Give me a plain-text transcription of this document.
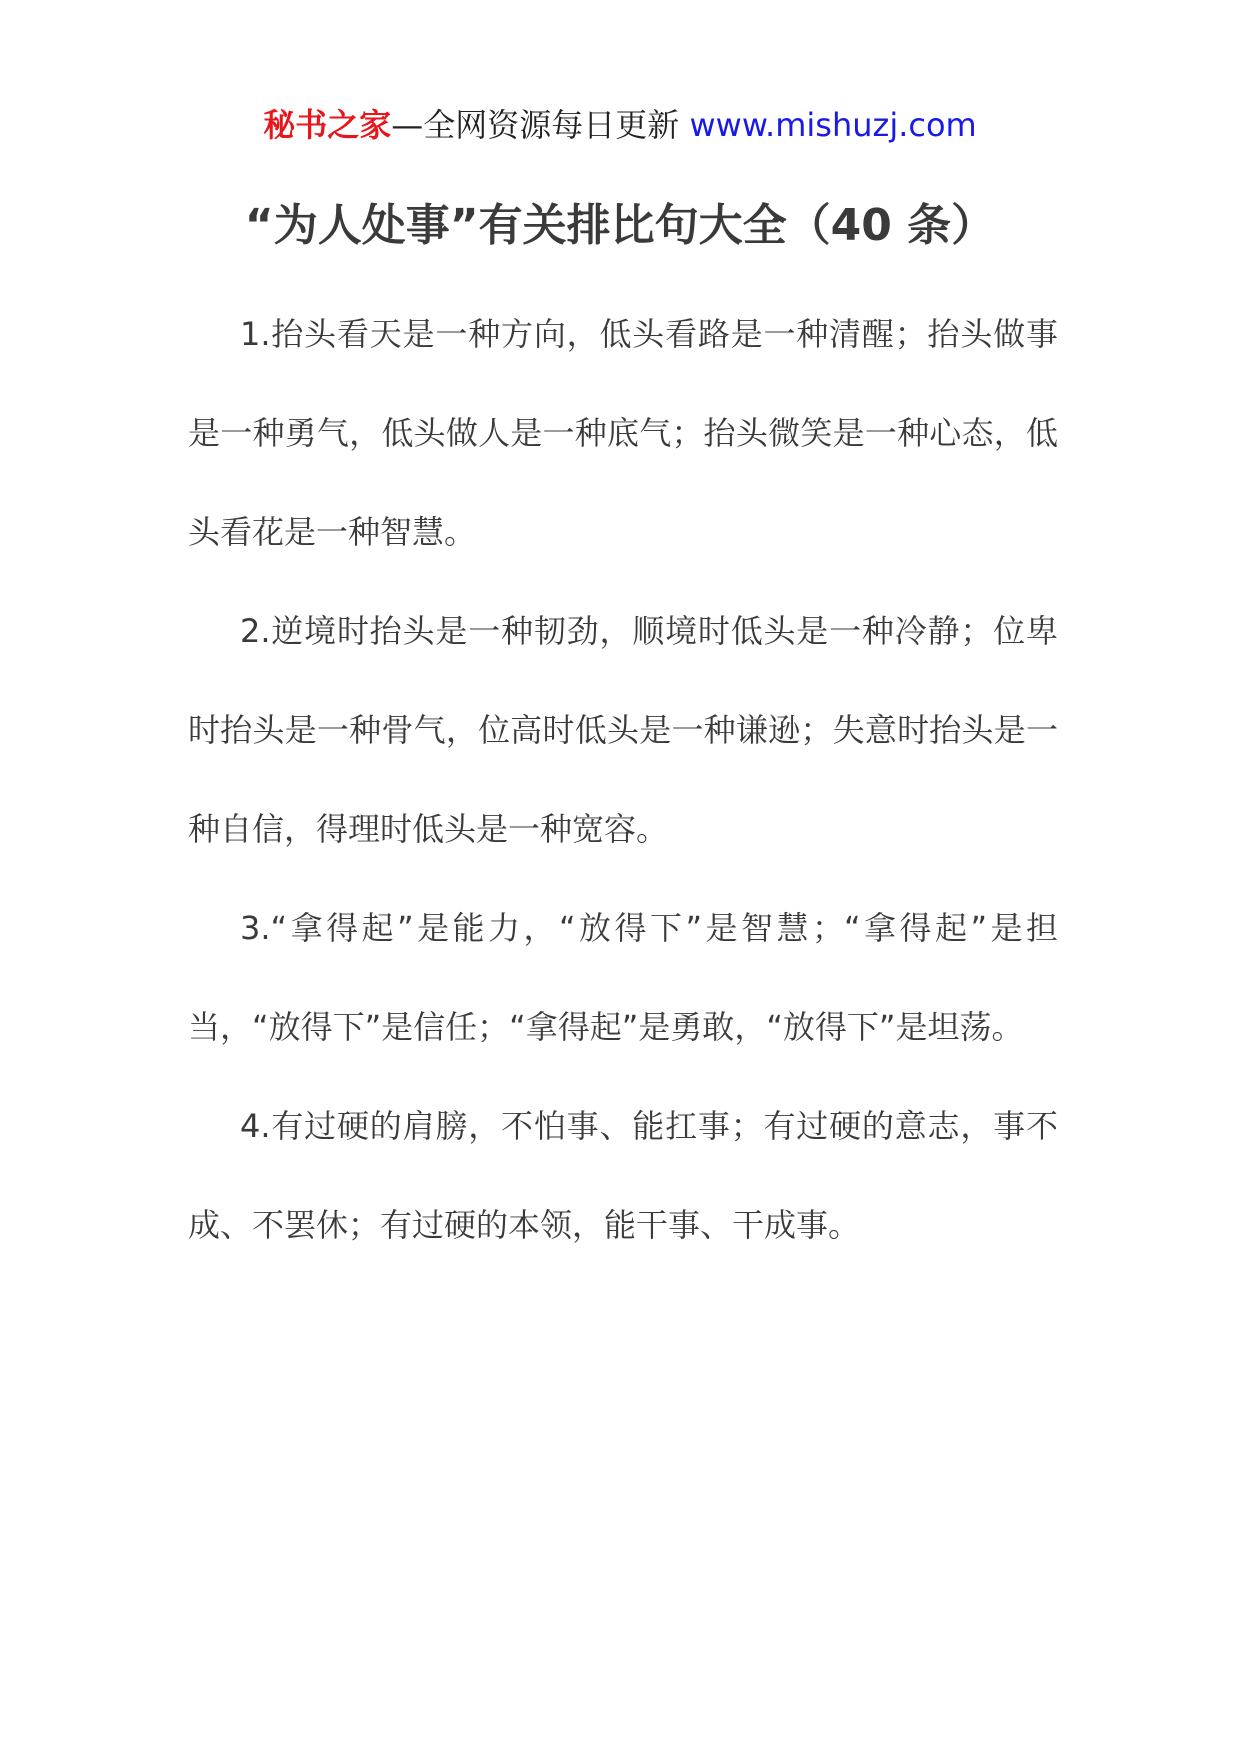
秘书之家—全网资源每日更新 www.mishuzj.com
“为人处事”有关排比句大全（40 条）

1.抬头看天是一种方向，低头看路是一种清醒；抬头做事是一种勇气，低头做人是一种底气；抬头微笑是一种心态，低头看花是一种智慧。

2.逆境时抬头是一种韧劲，顺境时低头是一种冷静；位卑时抬头是一种骨气，位高时低头是一种谦逊；失意时抬头是一种自信，得理时低头是一种宽容。

3.“拿得起”是能力，“放得下”是智慧；“拿得起”是担当，“放得下”是信任；“拿得起”是勇敢，“放得下”是坦荡。

4.有过硬的肩膀，不怕事、能扛事；有过硬的意志，事不成、不罢休；有过硬的本领，能干事、干成事。
